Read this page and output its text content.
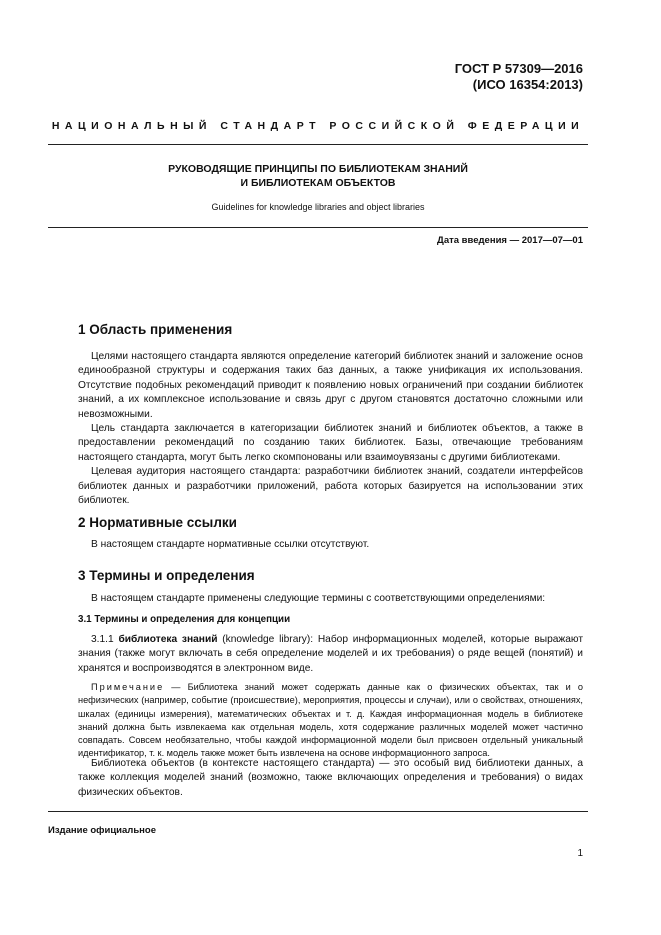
ГОСТ Р 57309—2016
(ИСО 16354:2013)
НАЦИОНАЛЬНЫЙ СТАНДАРТ РОССИЙСКОЙ ФЕДЕРАЦИИ
РУКОВОДЯЩИЕ ПРИНЦИПЫ ПО БИБЛИОТЕКАМ ЗНАНИЙ
И БИБЛИОТЕКАМ ОБЪЕКТОВ
Guidelines for knowledge libraries and object libraries
Дата введения — 2017—07—01
1 Область применения

Целями настоящего стандарта являются определение категорий библиотек знаний и заложение основ единообразной структуры и содержания таких баз данных, а также унификация их использования. Отсутствие подобных рекомендаций приводит к появлению новых ограничений при создании библиотек знаний, а их комплексное использование и связь друг с другом становятся достаточно сложными или невозможными.

Цель стандарта заключается в категоризации библиотек знаний и библиотек объектов, а также в предоставлении рекомендаций по созданию таких библиотек. Базы, отвечающие требованиям настоящего стандарта, могут быть легко скомпонованы или взаимоувязаны с другими библиотеками.

Целевая аудитория настоящего стандарта: разработчики библиотек знаний, создатели интерфейсов библиотек данных и разработчики приложений, работа которых базируется на использовании этих библиотек.

2 Нормативные ссылки

В настоящем стандарте нормативные ссылки отсутствуют.

3 Термины и определения

В настоящем стандарте применены следующие термины с соответствующими определениями:

3.1 Термины и определения для концепции

3.1.1 библиотека знаний (knowledge library): Набор информационных моделей, которые выражают знания (также могут включать в себя определение моделей и их требования) о ряде вещей (понятий) и хранятся и воспроизводятся в электронном виде.

Примечание — Библиотека знаний может содержать данные как о физических объектах, так и о нефизических (например, событие (происшествие), мероприятия, процессы и случаи), или о свойствах, отношениях, шкалах (единицы измерения), математических объектах и т. д. Каждая информационная модель в библиотеке знаний должна быть извлекаема как отдельная модель, хотя содержание различных моделей может частично совпадать. Совсем необязательно, чтобы каждой информационной модели был присвоен отдельный уникальный идентификатор, т. к. модель также может быть извлечена на основе информационного запроса.

Библиотека объектов (в контексте настоящего стандарта) — это особый вид библиотеки данных, а также коллекция моделей знаний (возможно, также включающих определения и требования) о видах физических объектов.

Издание официальное
1
